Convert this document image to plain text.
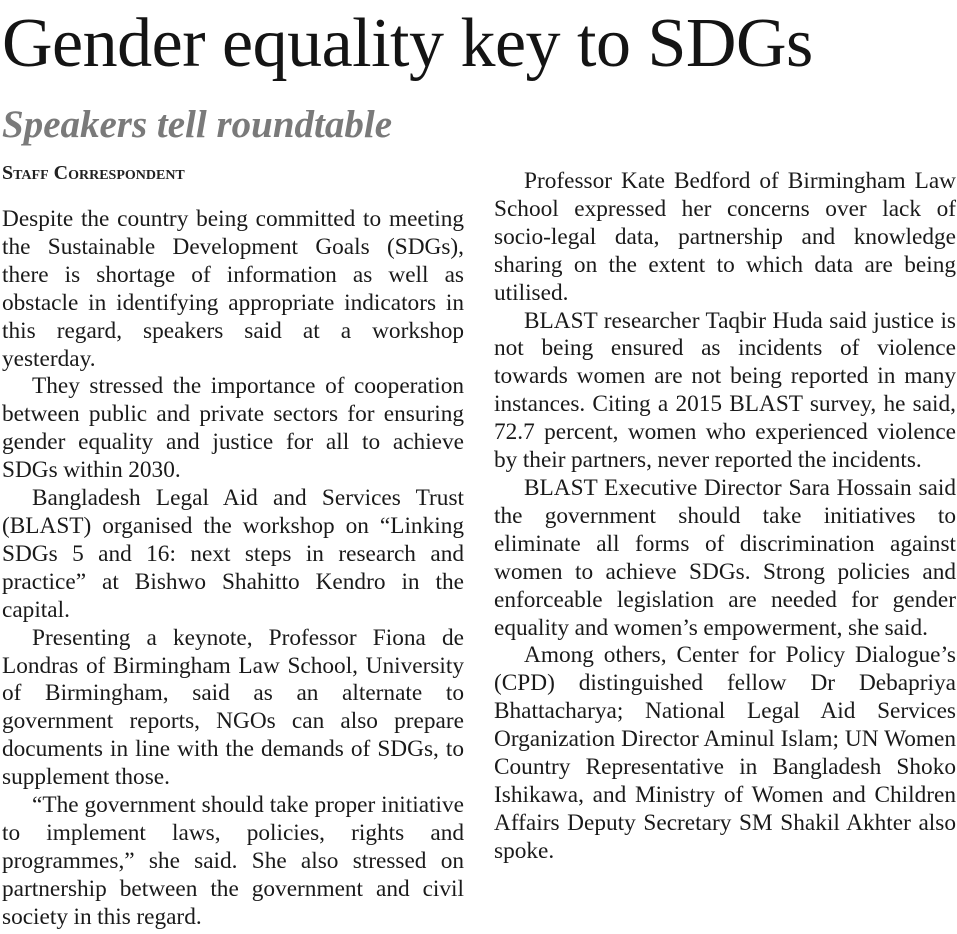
Gender equality key to SDGs
Speakers tell roundtable
Staff Correspondent

Despite the country being committed to meeting the Sustainable Development Goals (SDGs), there is shortage of information as well as obstacle in identifying appropriate indicators in this regard, speakers said at a workshop yesterday.

They stressed the importance of cooperation between public and private sectors for ensuring gender equality and justice for all to achieve SDGs within 2030.

Bangladesh Legal Aid and Services Trust (BLAST) organised the workshop on “Linking SDGs 5 and 16: next steps in research and practice” at Bishwo Shahitto Kendro in the capital.

Presenting a keynote, Professor Fiona de Londras of Birmingham Law School, University of Birmingham, said as an alternate to government reports, NGOs can also prepare documents in line with the demands of SDGs, to supplement those.

“The government should take proper initiative to implement laws, policies, rights and programmes,” she said. She also stressed on partnership between the government and civil society in this regard.

Professor Kate Bedford of Birmingham Law School expressed her concerns over lack of socio-legal data, partnership and knowledge sharing on the extent to which data are being utilised.

BLAST researcher Taqbir Huda said justice is not being ensured as incidents of violence towards women are not being reported in many instances. Citing a 2015 BLAST survey, he said, 72.7 percent, women who experienced violence by their partners, never reported the incidents.

BLAST Executive Director Sara Hossain said the government should take initiatives to eliminate all forms of discrimination against women to achieve SDGs. Strong policies and enforceable legislation are needed for gender equality and women’s empowerment, she said.

Among others, Center for Policy Dialogue’s (CPD) distinguished fellow Dr Debapriya Bhattacharya; National Legal Aid Services Organization Director Aminul Islam; UN Women Country Representative in Bangladesh Shoko Ishikawa, and Ministry of Women and Children Affairs Deputy Secretary SM Shakil Akhter also spoke.
